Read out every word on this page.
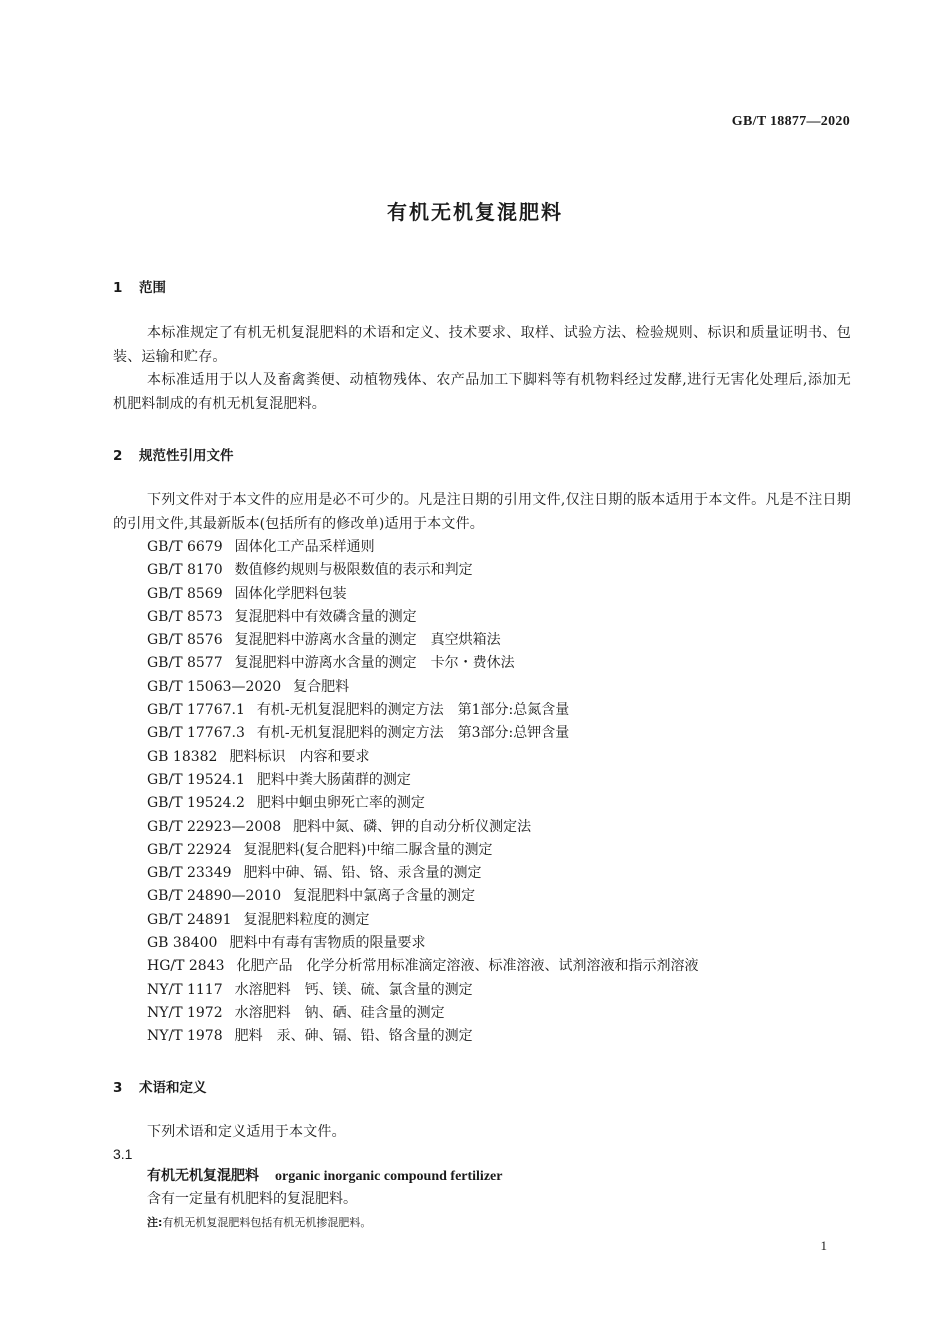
GB/T 18877—2020
有机无机复混肥料
1 范围

本标准规定了有机无机复混肥料的术语和定义、技术要求、取样、试验方法、检验规则、标识和质量证明书、包装、运输和贮存。

本标准适用于以人及畜禽粪便、动植物残体、农产品加工下脚料等有机物料经过发酵,进行无害化处理后,添加无机肥料制成的有机无机复混肥料。

2 规范性引用文件

下列文件对于本文件的应用是必不可少的。凡是注日期的引用文件,仅注日期的版本适用于本文件。凡是不注日期的引用文件,其最新版本(包括所有的修改单)适用于本文件。

GB/T 6679 固体化工产品采样通则
GB/T 8170 数值修约规则与极限数值的表示和判定
GB/T 8569 固体化学肥料包装
GB/T 8573 复混肥料中有效磷含量的测定
GB/T 8576 复混肥料中游离水含量的测定　真空烘箱法
GB/T 8577 复混肥料中游离水含量的测定　卡尔・费休法
GB/T 15063—2020 复合肥料
GB/T 17767.1 有机-无机复混肥料的测定方法　第1部分:总氮含量
GB/T 17767.3 有机-无机复混肥料的测定方法　第3部分:总钾含量
GB 18382 肥料标识　内容和要求
GB/T 19524.1 肥料中粪大肠菌群的测定
GB/T 19524.2 肥料中蛔虫卵死亡率的测定
GB/T 22923—2008 肥料中氮、磷、钾的自动分析仪测定法
GB/T 22924 复混肥料(复合肥料)中缩二脲含量的测定
GB/T 23349 肥料中砷、镉、铅、铬、汞含量的测定
GB/T 24890—2010 复混肥料中氯离子含量的测定
GB/T 24891 复混肥料粒度的测定
GB 38400 肥料中有毒有害物质的限量要求
HG/T 2843 化肥产品　化学分析常用标准滴定溶液、标准溶液、试剂溶液和指示剂溶液
NY/T 1117 水溶肥料　钙、镁、硫、氯含量的测定
NY/T 1972 水溶肥料　钠、硒、硅含量的测定
NY/T 1978 肥料　汞、砷、镉、铅、铬含量的测定
3 术语和定义

下列术语和定义适用于本文件。

3.1
有机无机复混肥料 organic inorganic compound fertilizer
含有一定量有机肥料的复混肥料。
注:有机无机复混肥料包括有机无机掺混肥料。
1
